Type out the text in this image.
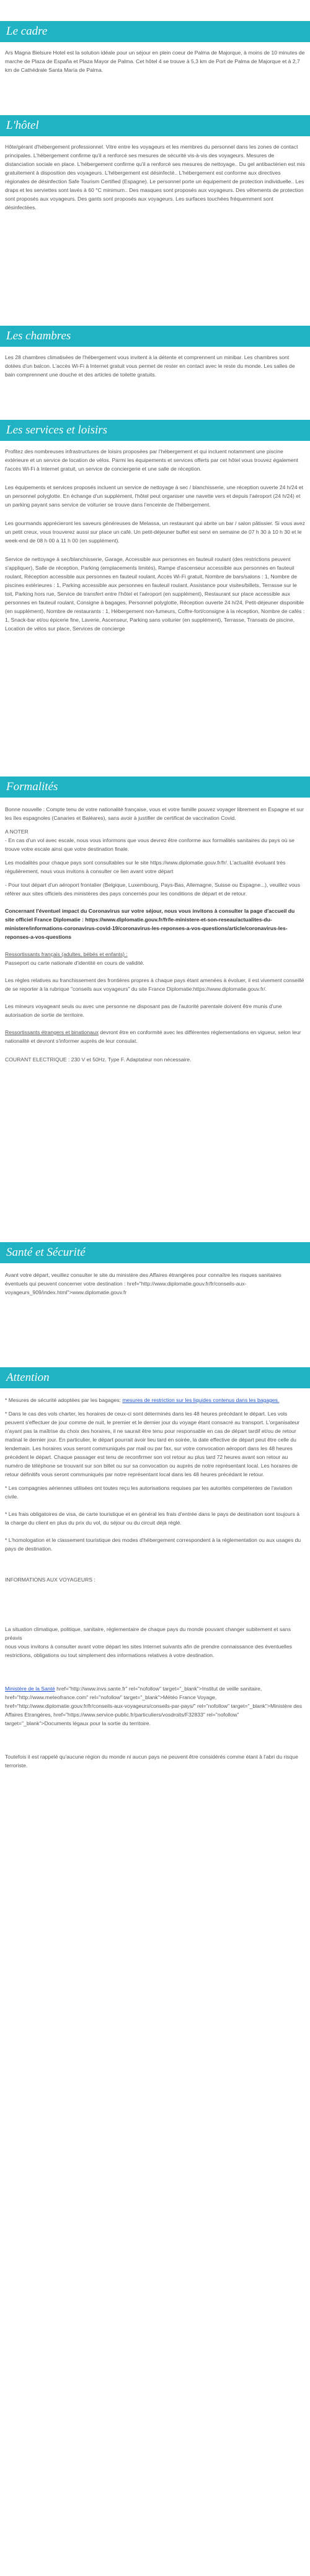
Le cadre

Ars Magna Bielsure Hotel est la solution idéale pour un séjour en plein coeur de Palma de Majorque, à moins de 10 minutes de marche de Plaza de España et Plaza Mayor de Palma. Cet hôtel 4 se trouve à 5,3 km de Port de Palma de Majorque et à 2,7 km de Cathédrale Santa María de Palma.

L'hôtel

Hôte/gérant d'hébergement professionnel. Vitre entre les voyageurs et les membres du personnel dans les zones de contact principales. L'hébergement confirme qu'il a renforcé ses mesures de sécurité vis-à-vis des voyageurs. Mesures de distanciation sociale en place. L'hébergement confirme qu'il a renforcé ses mesures de nettoyage.. Du gel antibactérien est mis gratuitement à disposition des voyageurs. L'hébergement est désinfecté.. L'hébergement est conforme aux directives régionales de désinfection Safe Tourism Certified (Espagne). Le personnel porte un équipement de protection individuelle.. Les draps et les serviettes sont lavés à 60 °C minimum.. Des masques sont proposés aux voyageurs. Des vêtements de protection sont proposés aux voyageurs. Des gants sont proposés aux voyageurs. Les surfaces touchées fréquemment sont désinfectées.

Les chambres

Les 28 chambres climatisées de l'hébergement vous invitent à la détente et comprennent un minibar. Les chambres sont dotées d'un balcon. L'accès Wi-Fi à Internet gratuit vous permet de rester en contact avec le reste du monde. Les salles de bain comprennent une douche et des articles de toilette gratuits.

Les services et loisirs

Profitez des nombreuses infrastructures de loisirs proposées par l'hébergement et qui incluent notamment une piscine extérieure et un service de location de vélos. Parmi les équipements et services offerts par cet hôtel vous trouvez également l'accès Wi-Fi à Internet gratuit, un service de conciergerie et une salle de réception.

Les équipements et services proposés incluent un service de nettoyage à sec / blanchisserie, une réception ouverte 24 h/24 et un personnel polyglotte. En échange d'un supplément, l'hôtel peut organiser une navette vers et depuis l'aéroport (24 h/24) et un parking payant sans service de voiturier se trouve dans l'enceinte de l'hébergement.

Les gourmands apprécieront les saveurs généreuses de Melassa, un restaurant qui abrite un bar / salon pâtissier. Si vous avez un petit creux, vous trouverez aussi sur place un café. Un petit-déjeuner buffet est servi en semaine de 07 h 30 à 10 h 30 et le week-end de 08 h 00 à 11 h 00 (en supplément).

Service de nettoyage à sec/blanchisserie, Garage, Accessible aux personnes en fauteuil roulant (des restrictions peuvent s'appliquer), Salle de réception, Parking (emplacements limités), Rampe d'ascenseur accessible aux personnes en fauteuil roulant, Réception accessible aux personnes en fauteuil roulant, Accès Wi-Fi gratuit, Nombre de bars/salons : 1, Nombre de piscines extérieures : 1, Parking accessible aux personnes en fauteuil roulant, Assistance pour visites/billets, Terrasse sur le toit, Parking hors rue, Service de transfert entre l'hôtel et l'aéroport (en supplément), Restaurant sur place accessible aux personnes en fauteuil roulant, Consigne à bagages, Personnel polyglotte, Réception ouverte 24 h/24, Petit-déjeuner disponible (en supplément), Nombre de restaurants : 1, Hébergement non-fumeurs, Coffre-fort/consigne à la réception, Nombre de cafés : 1, Snack-bar et/ou épicerie fine, Laverie, Ascenseur, Parking sans voiturier (en supplément), Terrasse, Transats de piscine, Location de vélos sur place, Services de concierge

Formalités

Bonne nouvelle : Compte tenu de votre nationalité française, vous et votre famille pouvez voyager librement en Espagne et sur les îles espagnoles (Canaries et Baléares), sans avoir à justifier de certificat de vaccination Covid.

A NOTER

- En cas d'un vol avec escale, nous vous informons que vous devrez être conforme aux formalités sanitaires du pays où se trouve votre escale ainsi que votre destination finale.

Les modalités pour chaque pays sont consultables sur le site https://www.diplomatie.gouv.fr/fr/. L'actualité évoluant très régulièrement, nous vous invitons à consulter ce lien avant votre départ

- Pour tout départ d'un aéroport frontalier (Belgique, Luxembourg, Pays-Bas, Allemagne, Suisse ou Espagne...), veuillez vous référer aux sites officiels des ministères des pays concernés pour les conditions de départ et de retour.

Concernant l'éventuel impact du Coronavirus sur votre séjour, nous vous invitons à consulter la page d'accueil du site officiel France Diplomatie : https://www.diplomatie.gouv.fr/fr/le-ministere-et-son-reseau/actualites-du-ministere/informations-coronavirus-covid-19/coronavirus-les-reponses-a-vos-questions/article/coronavirus-les-reponses-a-vos-questions

Ressortissants français (adultes, bébés et enfants) :

Passeport ou carte nationale d'identité en cours de validité.

Les règles relatives au franchissement des frontières propres à chaque pays étant amenées à évoluer, il est vivement conseillé de se reporter à la rubrique "conseils aux voyageurs" du site France Diplomatie:https://www.diplomatie.gouv.fr/.

Les mineurs voyageant seuls ou avec une personne ne disposant pas de l'autorité parentale doivent être munis d'une autorisation de sortie de territoire.

Ressortissants étrangers et binationaux devront être en conformité avec les différentes réglementations en vigueur, selon leur nationalité et devront s'informer auprès de leur consulat.

COURANT ELECTRIQUE : 230 V et 50Hz. Type F. Adaptateur non nécessaire.

Santé et Sécurité

Avant votre départ, veuillez consulter le site du ministère des Affaires étrangères pour connaître les risques sanitaires éventuels qui peuvent concerner votre destination : href="http://www.diplomatie.gouv.fr/fr/conseils-aux-voyageurs_909/index.html">www.diplomatie.gouv.fr

Attention

* Mesures de sécurité adoptées par les bagages: mesures de restriction sur les liquides contenus dans les bagages.

* Dans le cas des vols charter, les horaires de ceux-ci sont déterminés dans les 48 heures précédant le départ. Les vols peuvent s'effectuer de jour comme de nuit, le premier et le dernier jour du voyage étant consacré au transport. L'organisateur n'ayant pas la maîtrise du choix des horaires, il ne saurait être tenu pour responsable en cas de départ tardif et/ou de retour matinal le dernier jour. En particulier, le départ pourrait avoir lieu tard en soirée, la date effective de départ peut être celle du lendemain. Les horaires vous seront communiqués par mail ou par fax, sur votre convocation aéroport dans les 48 heures précédent le départ. Chaque passager est tenu de reconfirmer son vol retour au plus tard 72 heures avant son retour au numéro de téléphone se trouvant sur son billet ou sur sa convocation ou auprès de notre représentant local. Les horaires de retour définitifs vous seront communiqués par notre représentant local dans les 48 heures précédant le retour.

* Les compagnies aériennes utilisées ont toutes reçu les autorisations requises par les autorités compétentes de l'aviation civile.

* Les frais obligatoires de visa, de carte touristique et en général les frais d'entrée dans le pays de destination sont toujours à la charge du client en plus du prix du vol, du séjour ou du circuit déjà réglé.

* L'homologation et le classement touristique des modes d'hébergement correspondent à la réglementation ou aux usages du pays de destination.

INFORMATIONS AUX VOYAGEURS :

La situation climatique, politique, sanitaire, réglementaire de chaque pays du monde pouvant changer subitement et sans préavis

nous vous invitons à consulter avant votre départ les sites Internet suivants afin de prendre connaissance des éventuelles restrictions, obligations ou tout simplement des informations relatives à votre destination.

Ministère de la Santé href="http://www.invs.sante.fr" rel="nofollow" target="_blank">Institut de veille sanitaire, href="http://www.meteofrance.com" rel="nofollow" target="_blank">Météo France Voyage, href="http://www.diplomatie.gouv.fr/fr/conseils-aux-voyageurs/conseils-par-pays/" rel="nofollow" target="_blank">Ministère des Affaires Etrangères, href="https://www.service-public.fr/particuliers/vosdroits/F32833" rel="nofollow" target="_blank">Documents légaux pour la sortie du territoire.

Toutefois il est rappelé qu'aucune région du monde ni aucun pays ne peuvent être considérés comme étant à l'abri du risque terroriste.
